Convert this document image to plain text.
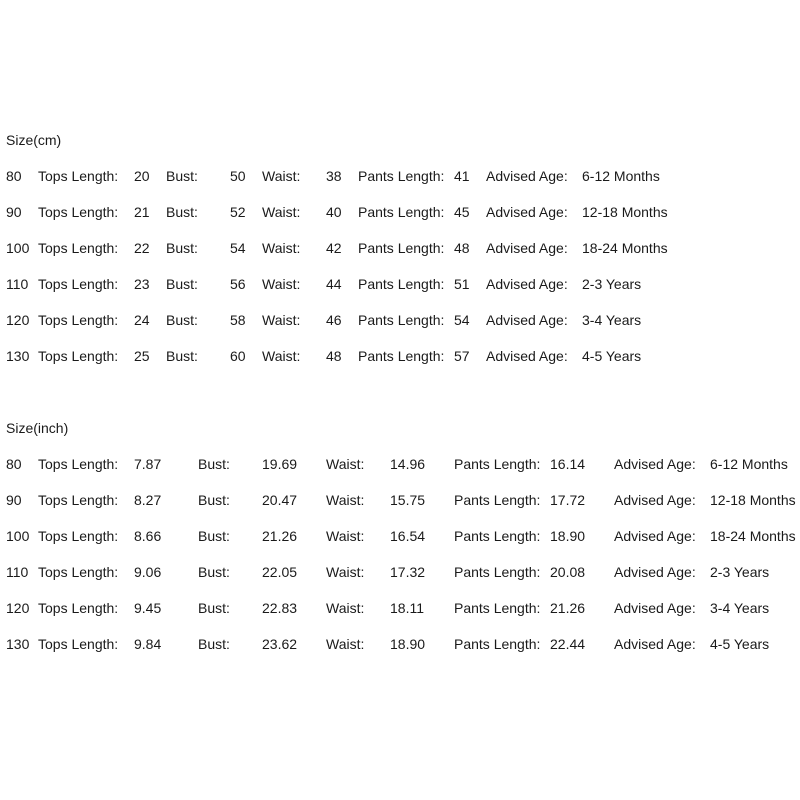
Size(cm)
80 Tops Length: 20 Bust: 50 Waist: 38 Pants Length: 41 Advised Age: 6-12 Months
90 Tops Length: 21 Bust: 52 Waist: 40 Pants Length: 45 Advised Age: 12-18 Months
100 Tops Length: 22 Bust: 54 Waist: 42 Pants Length: 48 Advised Age: 18-24 Months
110 Tops Length: 23 Bust: 56 Waist: 44 Pants Length: 51 Advised Age: 2-3 Years
120 Tops Length: 24 Bust: 58 Waist: 46 Pants Length: 54 Advised Age: 3-4 Years
130 Tops Length: 25 Bust: 60 Waist: 48 Pants Length: 57 Advised Age: 4-5 Years
Size(inch)
80 Tops Length: 7.87	Bust: 19.69 Waist: 14.96 Pants Length: 16.14 Advised Age: 6-12 Months
90 Tops Length: 8.27	Bust: 20.47 Waist: 15.75 Pants Length: 17.72 Advised Age: 12-18 Months
100 Tops Length: 8.66	Bust: 21.26 Waist: 16.54 Pants Length: 18.90 Advised Age: 18-24 Months
110 Tops Length: 9.06	Bust: 22.05 Waist: 17.32 Pants Length: 20.08 Advised Age: 2-3 Years
120 Tops Length: 9.45	Bust: 22.83 Waist: 18.11 Pants Length: 21.26 Advised Age: 3-4 Years
130 Tops Length: 9.84	Bust: 23.62 Waist: 18.90 Pants Length: 22.44 Advised Age: 4-5 Years
